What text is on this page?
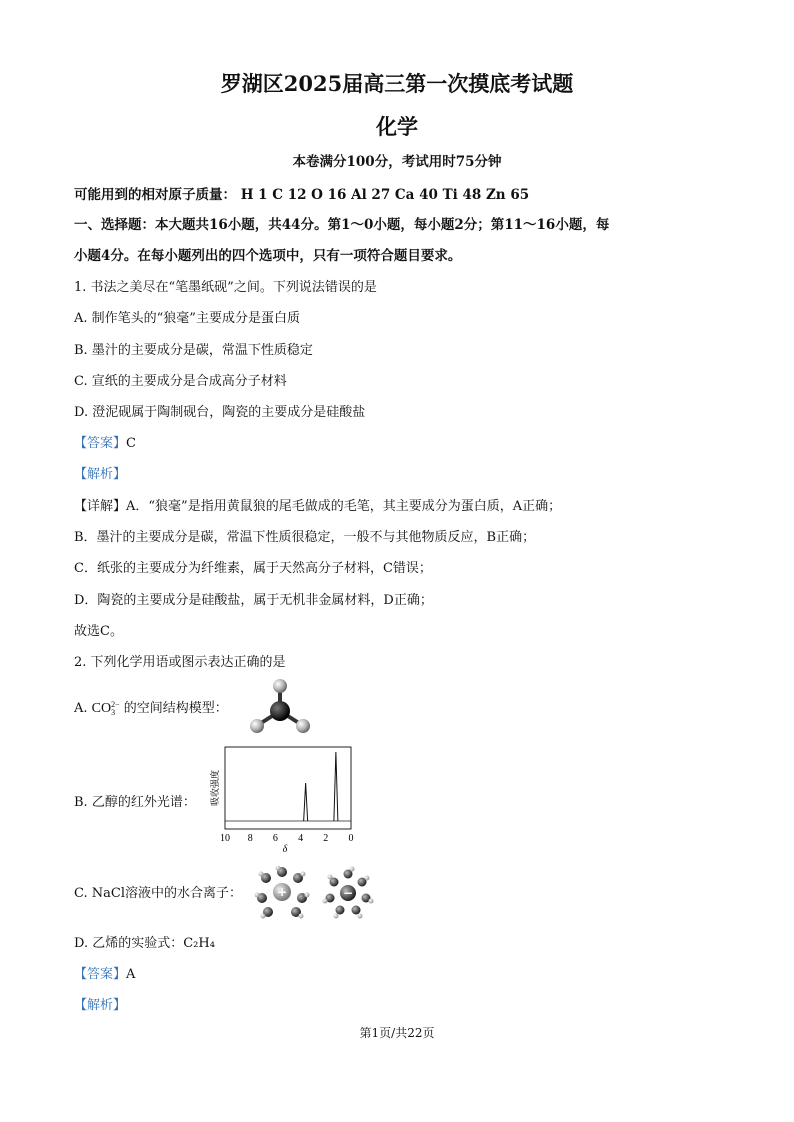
罗湖区2025届高三第一次摸底考试题
化学
本卷满分100分，考试用时75分钟
可能用到的相对原子质量： H 1 C 12 O 16 Al 27 Ca 40 Ti 48 Zn 65
一、选择题：本大题共16小题，共44分。第1～0小题，每小题2分；第11～16小题，每
小题4分。在每小题列出的四个选项中，只有一项符合题目要求。
1. 书法之美尽在“笔墨纸砚”之间。下列说法错误的是
A. 制作笔头的“狼毫”主要成分是蛋白质
B. 墨汁的主要成分是碳，常温下性质稳定
C. 宣纸的主要成分是合成高分子材料
D. 澄泥砚属于陶制砚台，陶瓷的主要成分是硅酸盐
【答案】C
【解析】
【详解】A．“狼毫”是指用黄鼠狼的尾毛做成的毛笔，其主要成分为蛋白质，A正确；
B．墨汁的主要成分是碳，常温下性质很稳定，一般不与其他物质反应，B正确；
C．纸张的主要成分为纤维素，属于天然高分子材料，C错误；
D．陶瓷的主要成分是硅酸盐，属于无机非金属材料，D正确；
故选C。
2. 下列化学用语或图示表达正确的是
A. CO 2−
3 的空间结构模型：
B. 乙醇的红外光谱： 吸收强度
10 8 6 4 2 0
δ
C. NaCl溶液中的水合离子：	+	−
D. 乙烯的实验式：C₂H₄
【答案】A
【解析】
第1页/共22页
